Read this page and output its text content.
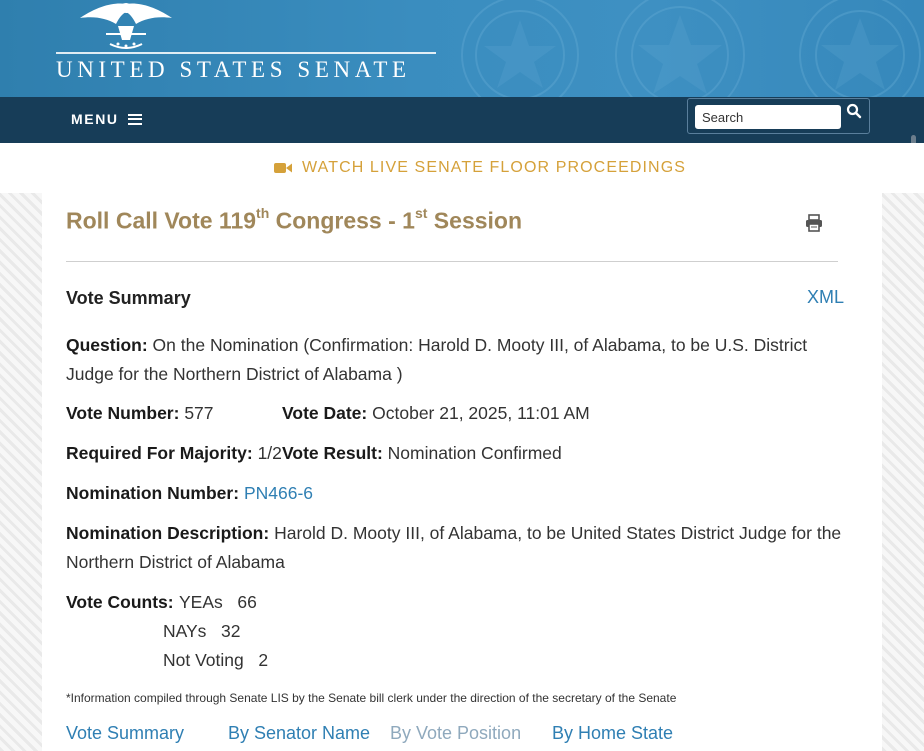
UNITED STATES SENATE
MENU
Search
WATCH LIVE SENATE FLOOR PROCEEDINGS
Roll Call Vote 119th Congress - 1st Session
Vote Summary	XML
Question: On the Nomination (Confirmation: Harold D. Mooty III, of Alabama, to be U.S. District
Judge for the Northern District of Alabama )
Vote Number: 577	Vote Date: October 21, 2025, 11:01 AM
Required For Majority: 1/2 Vote Result: Nomination Confirmed
Nomination Number: PN466-6
Nomination Description: Harold D. Mooty III, of Alabama, to be United States District Judge for the
Northern District of Alabama
Vote Counts: YEAs 66
NAYs 32
Not Voting 2
*Information compiled through Senate LIS by the Senate bill clerk under the direction of the secretary of the Senate
Vote Summary By Senator Name By Vote Position By Home State
